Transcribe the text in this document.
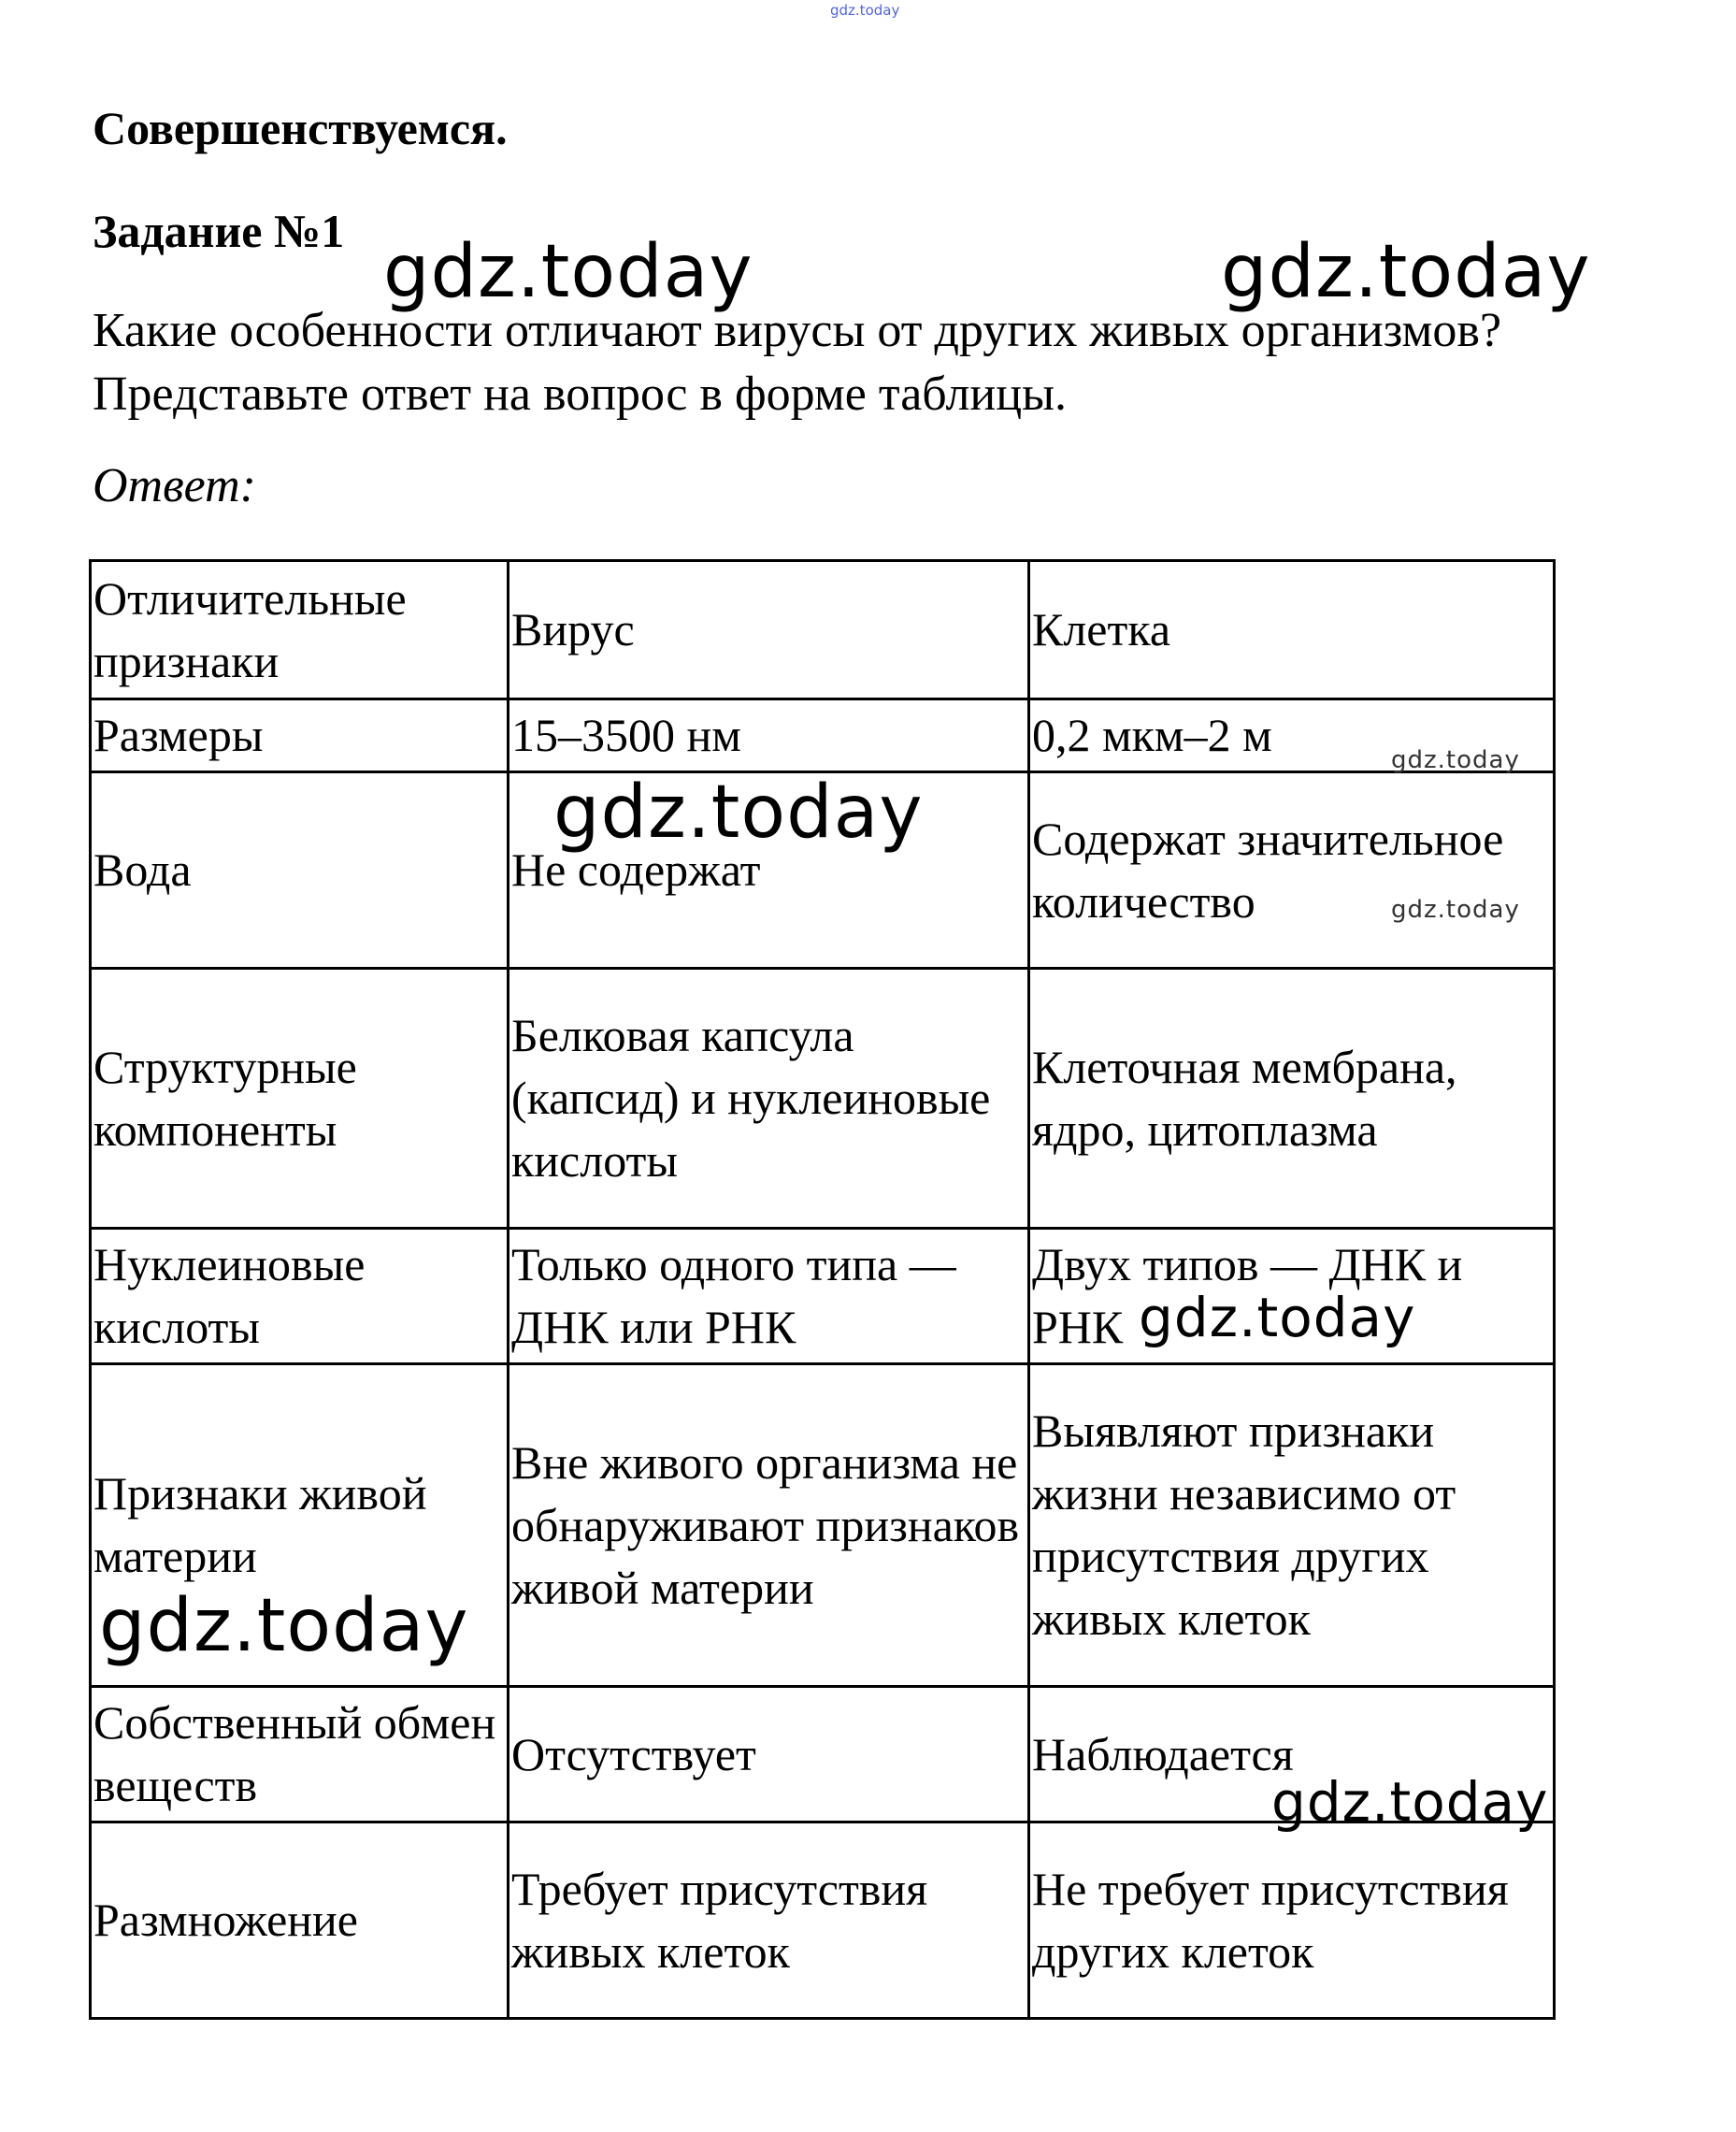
gdz.today
Совершенствуемся.
Задание №1
Какие особенности отличают вирусы от других живых организмов?
Представьте ответ на вопрос в форме таблицы.
Ответ:
Отличительные признаки	Вирус	Клетка
Размеры	15–3500 нм	0,2 мкм–2 м
Вода	Не содержат	Содержат значительное количество
Структурные компоненты	Белковая капсула (капсид) и нуклеиновые кислоты	Клеточная мембрана, ядро, цитоплазма
Нуклеиновые кислоты	Только одного типа — ДНК или РНК	Двух типов — ДНК и РНК
Признаки живой материи	Вне живого организма не обнаруживают признаков живой материи	Выявляют признаки жизни независимо от присутствия других живых клеток
Собственный обмен веществ	Отсутствует	Наблюдается
Размножение	Требует присутствия живых клеток	Не требует присутствия других клеток
gdz.today	gdz.today
gdz.today
gdz.today
gdz.today
gdz.today
gdz.today
gdz.today
